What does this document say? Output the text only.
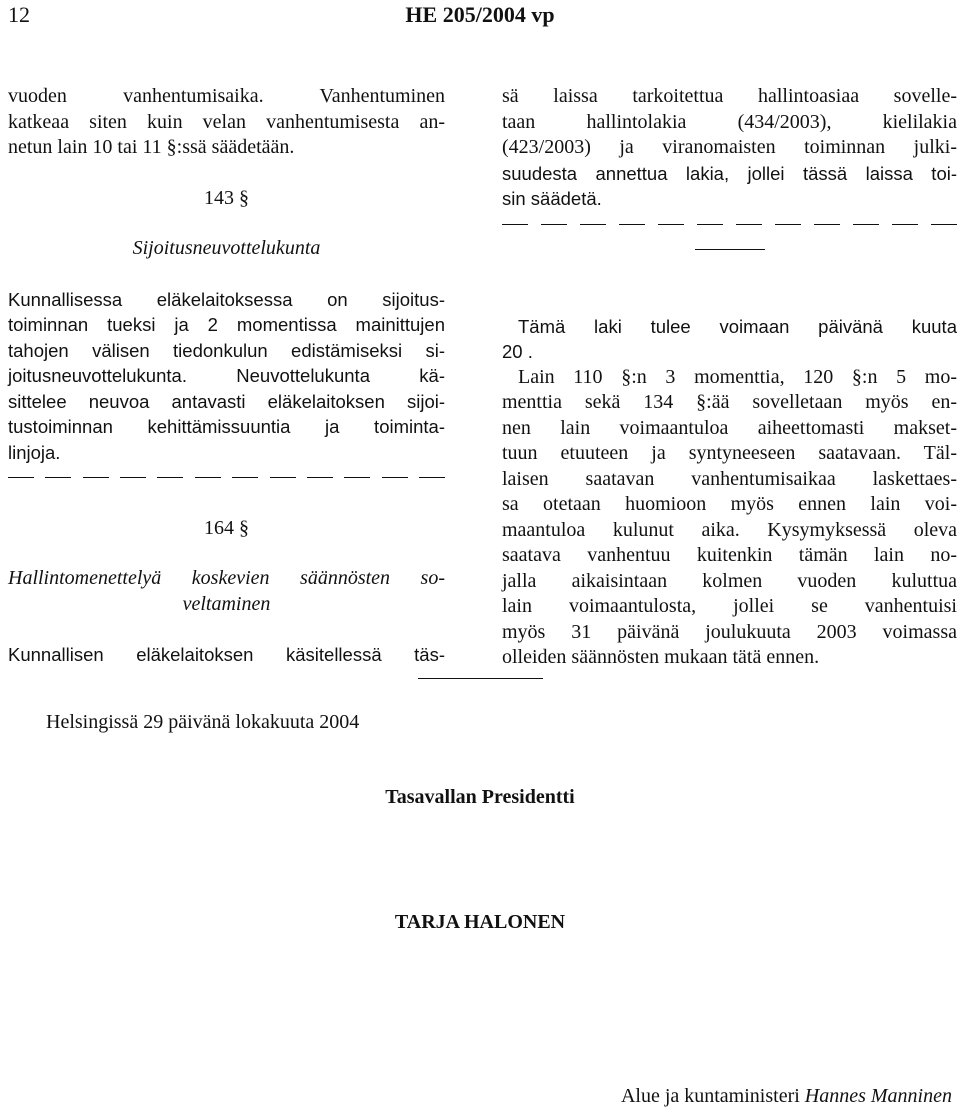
12	HE 205/2004 vp

vuoden vanhentumisaika. Vanhentuminen

katkeaa siten kuin velan vanhentumisesta an-

netun lain 10 tai 11 §:ssä säädetään.

143 §

Sijoitusneuvottelukunta

Kunnallisessa eläkelaitoksessa on sijoitus-

toiminnan tueksi ja 2 momentissa mainittujen

tahojen välisen tiedonkulun edistämiseksi si-

joitusneuvottelukunta. Neuvottelukunta kä-

sittelee neuvoa antavasti eläkelaitoksen sijoi-

tustoiminnan kehittämissuuntia ja toiminta-

linjoja.

164 §

Hallintomenettelyä koskevien säännösten so-

veltaminen

Kunnallisen eläkelaitoksen käsitellessä täs-

sä laissa tarkoitettua hallintoasiaa sovelle-

taan hallintolakia (434/2003), kielilakia

(423/2003) ja viranomaisten toiminnan julki-

suudesta annettua lakia, jollei tässä laissa toi-

sin säädetä.

Tämä laki tulee voimaan päivänä kuuta

20 .

Lain 110 §:n 3 momenttia, 120 §:n 5 mo-

menttia sekä 134 §:ää sovelletaan myös en-

nen lain voimaantuloa aiheettomasti makset-

tuun etuuteen ja syntyneeseen saatavaan. Täl-

laisen saatavan vanhentumisaikaa laskettaes-

sa otetaan huomioon myös ennen lain voi-

maantuloa kulunut aika. Kysymyksessä oleva

saatava vanhentuu kuitenkin tämän lain no-

jalla aikaisintaan kolmen vuoden kuluttua

lain voimaantulosta, jollei se vanhentuisi

myös 31 päivänä joulukuuta 2003 voimassa

olleiden säännösten mukaan tätä ennen.

Helsingissä 29 päivänä lokakuuta 2004
Tasavallan Presidentti
TARJA HALONEN
Alue ja kuntaministeri Hannes Manninen
